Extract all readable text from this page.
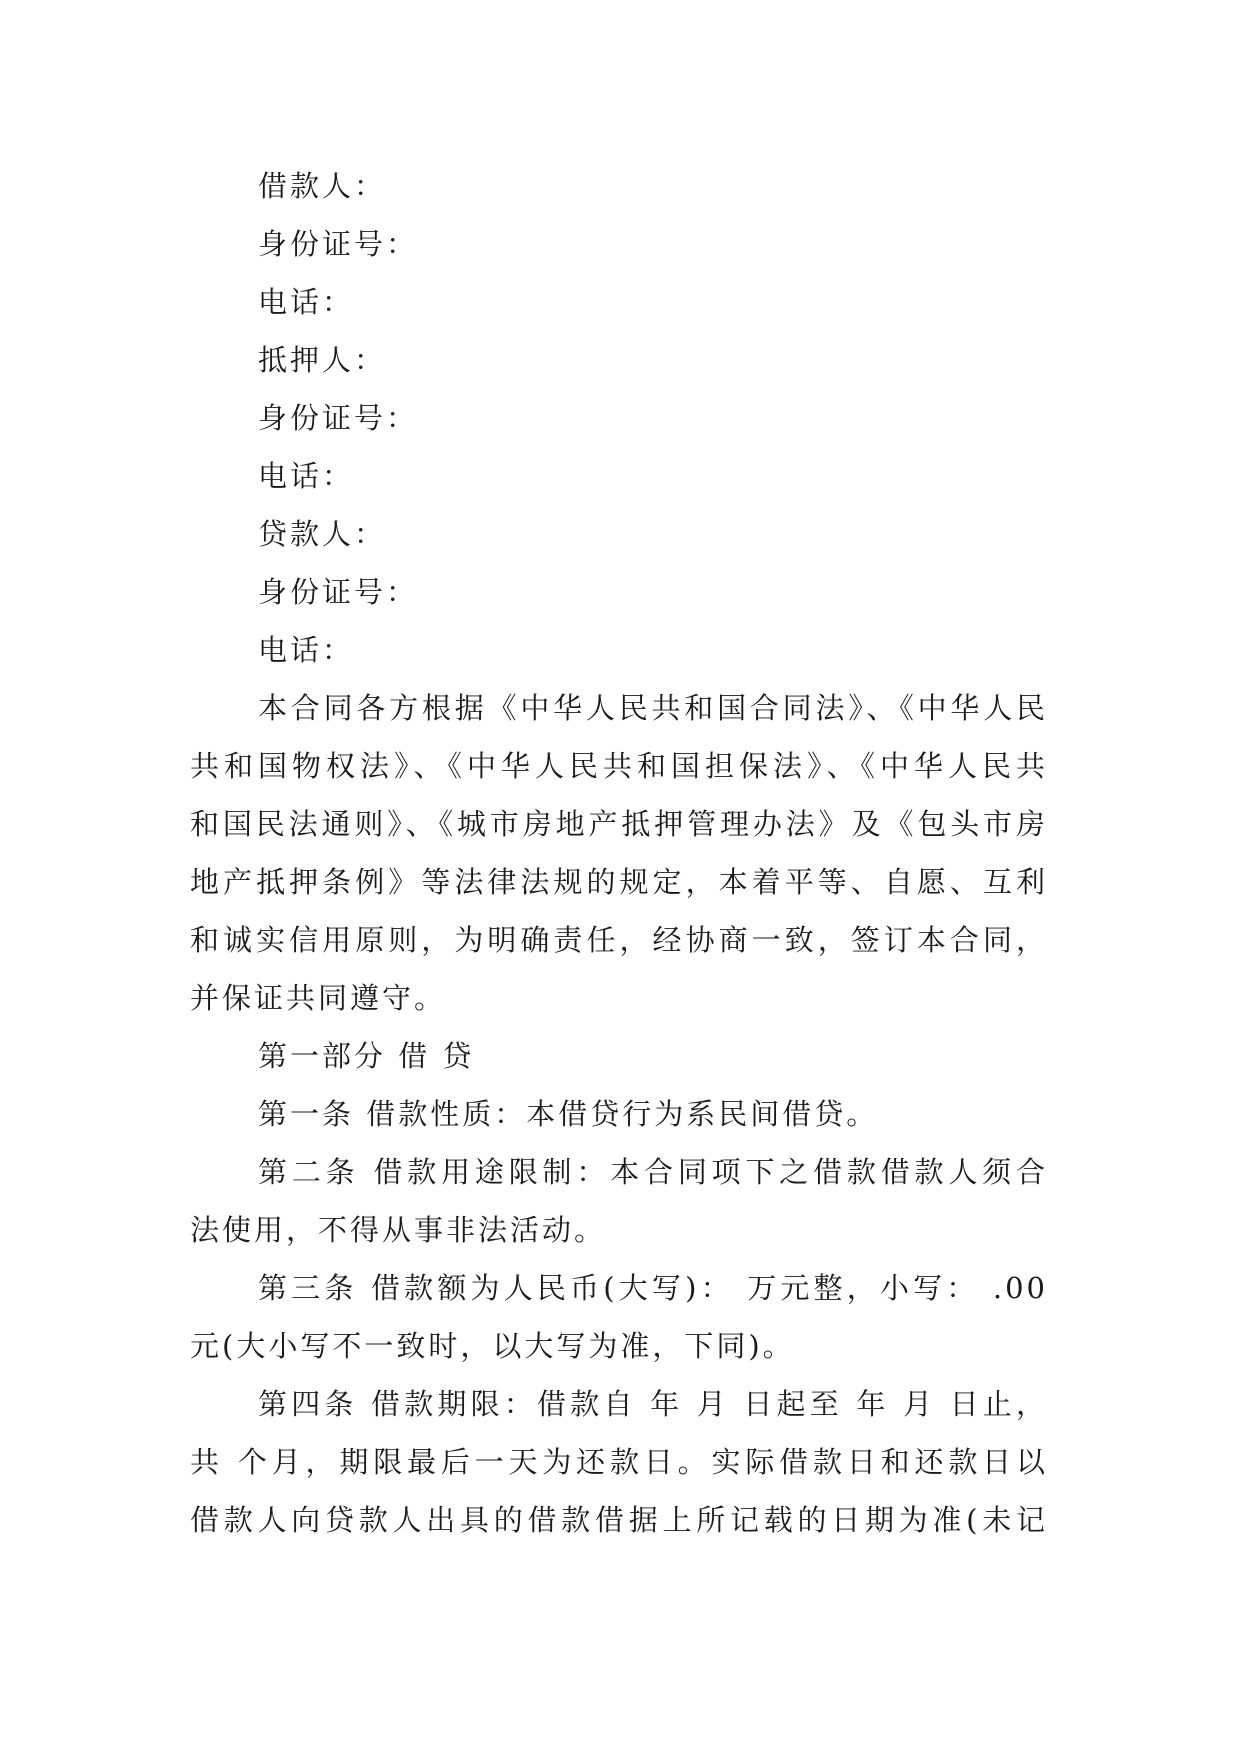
借款人：
身份证号：
电话：
抵押人：
身份证号：
电话：
贷款人：
身份证号：
电话：
本合同各方根据《中华人民共和国合同法》、《中华人民
共和国物权法》、《中华人民共和国担保法》、《中华人民共
和国民法通则》、《城市房地产抵押管理办法》及《包头市房
地产抵押条例》等法律法规的规定，本着平等、自愿、互利
和诚实信用原则，为明确责任，经协商一致，签订本合同，
并保证共同遵守。
第一部分 借 贷
第一条 借款性质：本借贷行为系民间借贷。
第二条 借款用途限制：本合同项下之借款借款人须合
法使用，不得从事非法活动。
第三条 借款额为人民币(大写)： 万元整，小写： .00
元(大小写不一致时，以大写为准，下同)。
第四条 借款期限：借款自 年 月 日起至 年 月 日止，
共 个月，期限最后一天为还款日。实际借款日和还款日以
借款人向贷款人出具的借款借据上所记载的日期为准(未记
